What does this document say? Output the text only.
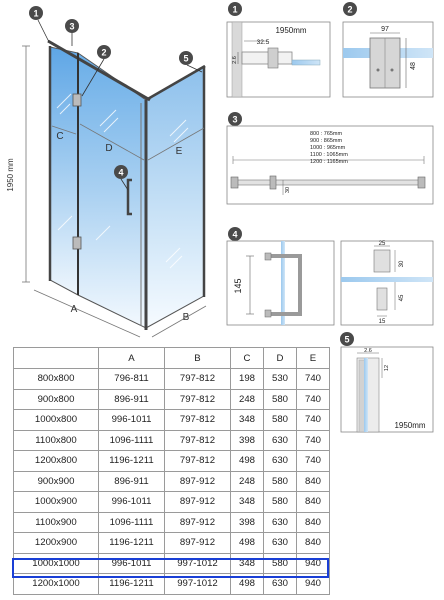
1950 mm
A
B
C
D	E
1
3
2
5
4
1
1950mm
32.5
2.6
2
97
48
3
30
800 : 765mm
900 : 865mm
1000 : 965mm
1100 : 1065mm
1200 : 1165mm
4
145
25
30
45
15
5
2.6
12
1950mm
	A	B	C	D	E
800x800	796-811	797-812	198	530	740
900x800	896-911	797-812	248	580	740
1000x800	996-1011	797-812	348	580	740
1100x800	1096-1111	797-812	398	630	740
1200x800	1196-1211	797-812	498	630	740
900x900	896-911	897-912	248	580	840
1000x900	996-1011	897-912	348	580	840
1100x900	1096-1111	897-912	398	630	840
1200x900	1196-1211	897-912	498	630	840
1000x1000	996-1011	997-1012	348	580	940
1200x1000	1196-1211	997-1012	498	630	940
